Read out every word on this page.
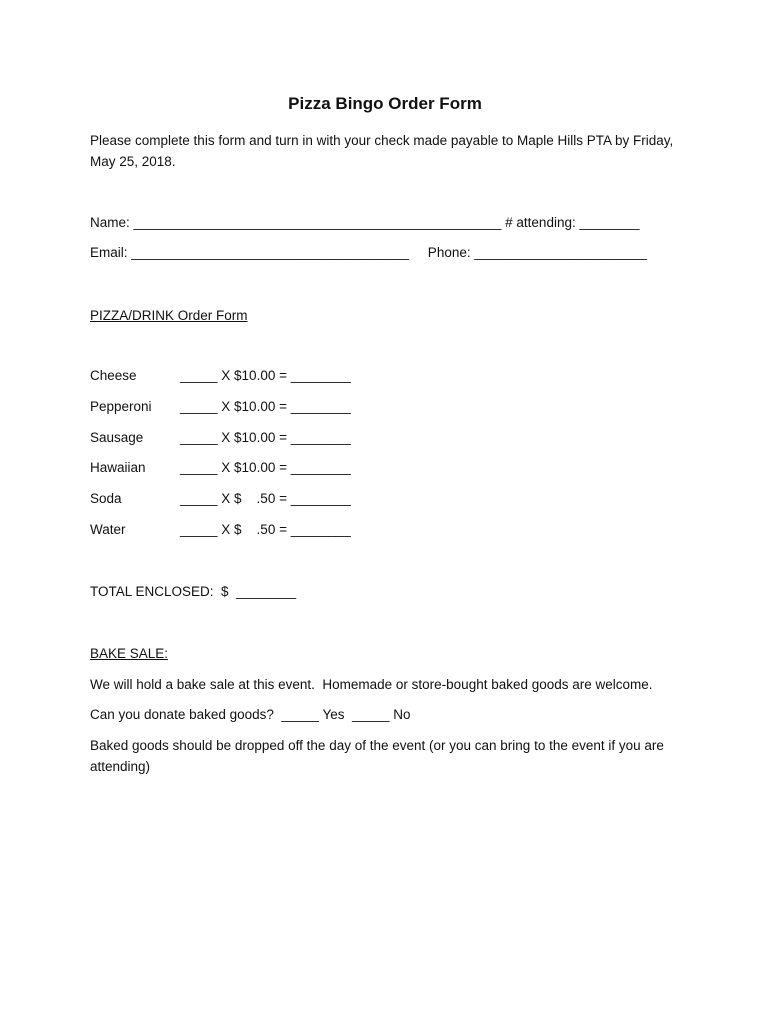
Pizza Bingo Order Form
Please complete this form and turn in with your check made payable to Maple Hills PTA by Friday, May 25, 2018.
Name: _________________________________________________ # attending: ________
Email: _____________________________________     Phone: _______________________
PIZZA/DRINK Order Form
Cheese	_____ X $10.00 = ________
Pepperoni _____ X $10.00 = ________
Sausage	_____ X $10.00 = ________
Hawaiian	_____ X $10.00 = ________
Soda	_____ X $    .50 = ________
Water	_____ X $    .50 = ________
TOTAL ENCLOSED:  $  ________
BAKE SALE:
We will hold a bake sale at this event.  Homemade or store-bought baked goods are welcome.
Can you donate baked goods?  _____ Yes  _____ No
Baked goods should be dropped off the day of the event (or you can bring to the event if you are attending)
